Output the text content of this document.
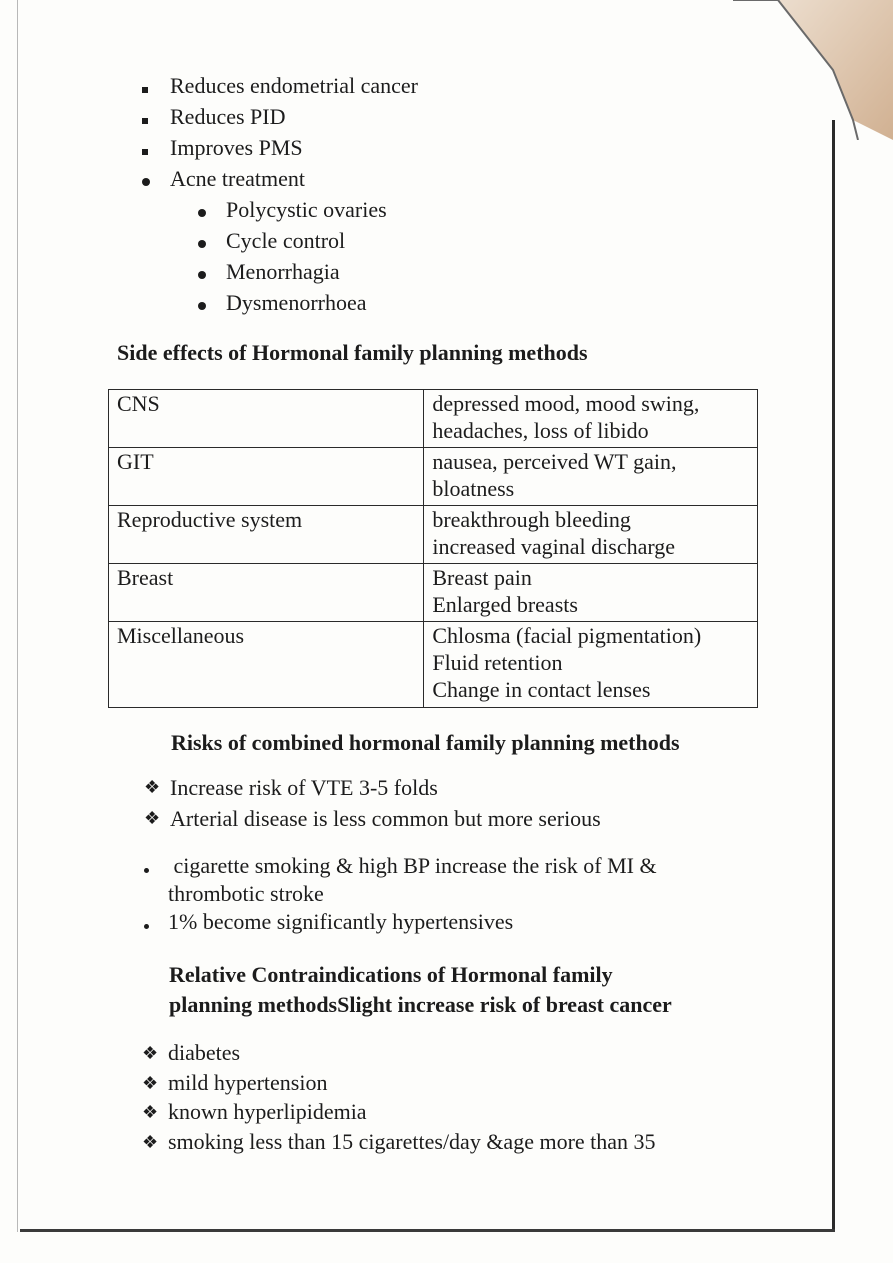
Reduces endometrial cancer
Reduces PID
Improves PMS
Acne treatment
Polycystic ovaries
Cycle control
Menorrhagia
Dysmenorrhoea
Side effects of Hormonal family planning methods
CNS	depressed mood, mood swing,
headaches, loss of libido

GIT	nausea, perceived WT gain,
bloatness

Reproductive system	breakthrough bleeding
increased vaginal discharge

Breast	Breast pain
Enlarged breasts

Miscellaneous	Chlosma (facial pigmentation)
Fluid retention
Change in contact lenses
Risks of combined hormonal family planning methods
❖ Increase risk of VTE 3-5 folds
❖ Arterial disease is less common but more serious
cigarette smoking & high BP increase the risk of MI &
thrombotic stroke
1% become significantly hypertensives
Relative Contraindications of Hormonal family
planning methodsSlight increase risk of breast cancer
❖ diabetes
❖ mild hypertension
❖ known hyperlipidemia
❖ smoking less than 15 cigarettes/day &age more than 35
